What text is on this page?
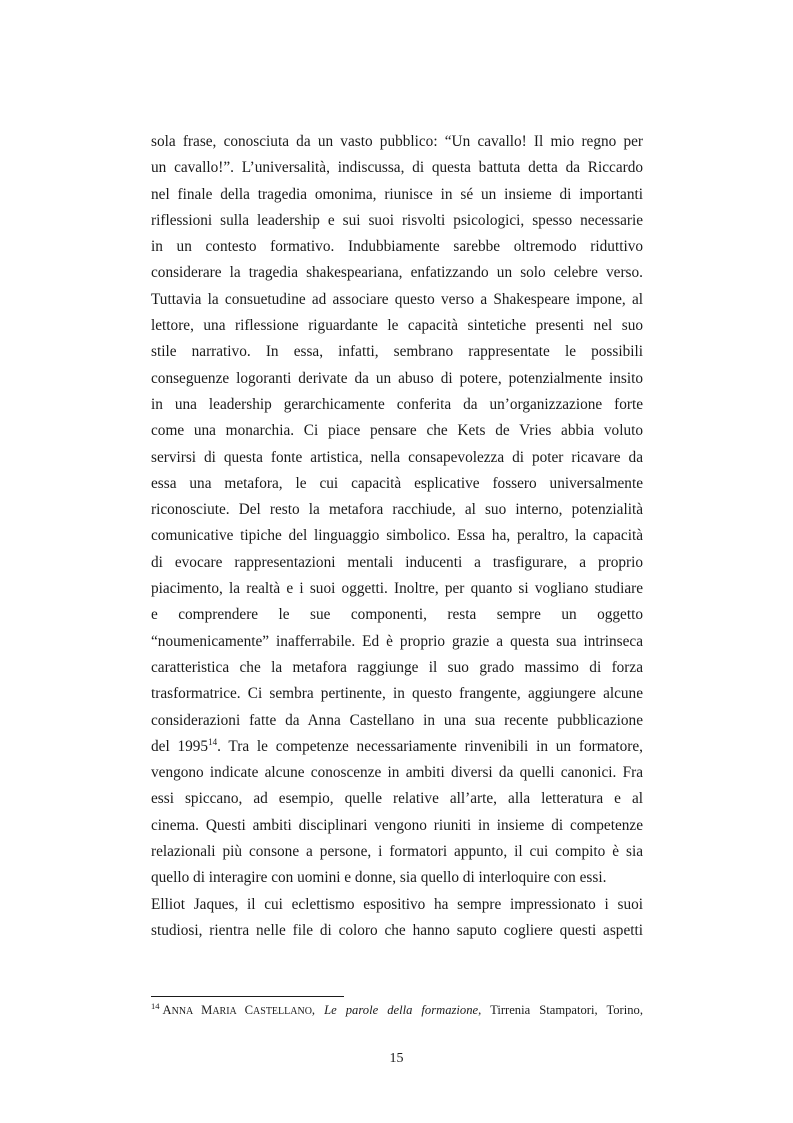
sola frase, conosciuta da un vasto pubblico: “Un cavallo! Il mio regno per
un cavallo!”. L’universalità, indiscussa, di questa battuta detta da Riccardo
nel finale della tragedia omonima, riunisce in sé un insieme di importanti
riflessioni sulla leadership e sui suoi risvolti psicologici, spesso necessarie
in un contesto formativo. Indubbiamente sarebbe oltremodo riduttivo
considerare la tragedia shakespeariana, enfatizzando un solo celebre verso.
Tuttavia la consuetudine ad associare questo verso a Shakespeare impone, al
lettore, una riflessione riguardante le capacità sintetiche presenti nel suo
stile narrativo. In essa, infatti, sembrano rappresentate le possibili
conseguenze logoranti derivate da un abuso di potere, potenzialmente insito
in una leadership gerarchicamente conferita da un’organizzazione forte
come una monarchia. Ci piace pensare che Kets de Vries abbia voluto
servirsi di questa fonte artistica, nella consapevolezza di poter ricavare da
essa una metafora, le cui capacità esplicative fossero universalmente
riconosciute. Del resto la metafora racchiude, al suo interno, potenzialità
comunicative tipiche del linguaggio simbolico. Essa ha, peraltro, la capacità
di evocare rappresentazioni mentali inducenti a trasfigurare, a proprio
piacimento, la realtà e i suoi oggetti. Inoltre, per quanto si vogliano studiare
e comprendere le sue componenti, resta sempre un oggetto
“noumenicamente” inafferrabile. Ed è proprio grazie a questa sua intrinseca
caratteristica che la metafora raggiunge il suo grado massimo di forza
trasformatrice. Ci sembra pertinente, in questo frangente, aggiungere alcune
considerazioni fatte da Anna Castellano in una sua recente pubblicazione
del 1995$^{14}$. Tra le competenze necessariamente rinvenibili in un formatore,
vengono indicate alcune conoscenze in ambiti diversi da quelli canonici. Fra
essi spiccano, ad esempio, quelle relative all’arte, alla letteratura e al
cinema. Questi ambiti disciplinari vengono riuniti in insieme di competenze
relazionali più consone a persone, i formatori appunto, il cui compito è sia
quello di interagire con uomini e donne, sia quello di interloquire con essi.
Elliot Jaques, il cui eclettismo espositivo ha sempre impressionato i suoi
studiosi, rientra nelle file di coloro che hanno saputo cogliere questi aspetti
$^{14}$ ANNA MARIA CASTELLANO, Le parole della formazione, Tirrenia Stampatori, Torino,
15
